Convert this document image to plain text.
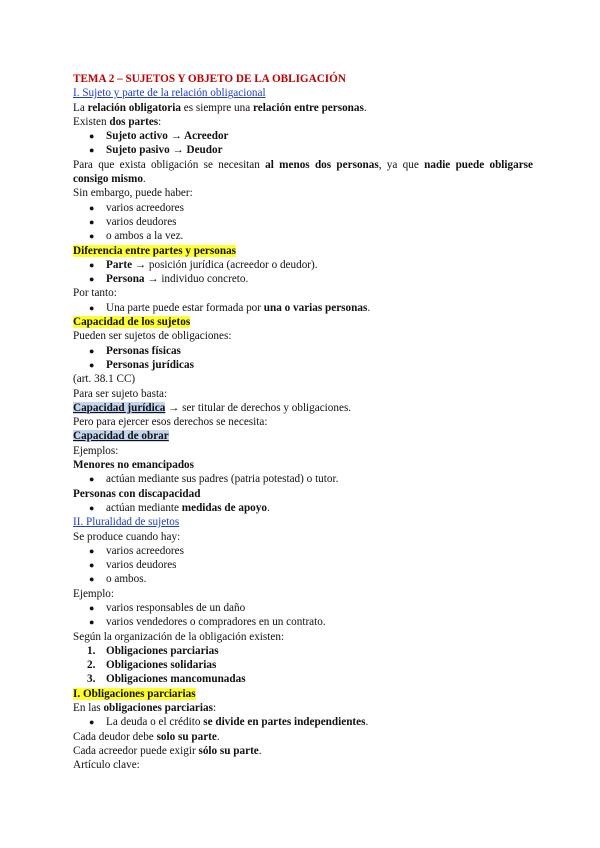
TEMA 2 – SUJETOS Y OBJETO DE LA OBLIGACIÓN
I. Sujeto y parte de la relación obligacional
La relación obligatoria es siempre una relación entre personas.
Existen dos partes:
● Sujeto activo → Acreedor
● Sujeto pasivo → Deudor
Para que exista obligación se necesitan al menos dos personas, ya que nadie puede obligarse consigo mismo.
Sin embargo, puede haber:
● varios acreedores
● varios deudores
● o ambos a la vez.
Diferencia entre partes y personas
● Parte → posición jurídica (acreedor o deudor).
● Persona → individuo concreto.
Por tanto:
● Una parte puede estar formada por una o varias personas.
Capacidad de los sujetos
Pueden ser sujetos de obligaciones:
● Personas físicas
● Personas jurídicas
(art. 38.1 CC)
Para ser sujeto basta:
Capacidad jurídica → ser titular de derechos y obligaciones.
Pero para ejercer esos derechos se necesita:
Capacidad de obrar
Ejemplos:
Menores no emancipados
● actúan mediante sus padres (patria potestad) o tutor.
Personas con discapacidad
● actúan mediante medidas de apoyo.
II. Pluralidad de sujetos
Se produce cuando hay:
● varios acreedores
● varios deudores
● o ambos.
Ejemplo:
● varios responsables de un daño
● varios vendedores o compradores en un contrato.
Según la organización de la obligación existen:
1. Obligaciones parciarias
2. Obligaciones solidarias
3. Obligaciones mancomunadas
I. Obligaciones parciarias
En las obligaciones parciarias:
● La deuda o el crédito se divide en partes independientes.
Cada deudor debe solo su parte.
Cada acreedor puede exigir sólo su parte.
Artículo clave:
